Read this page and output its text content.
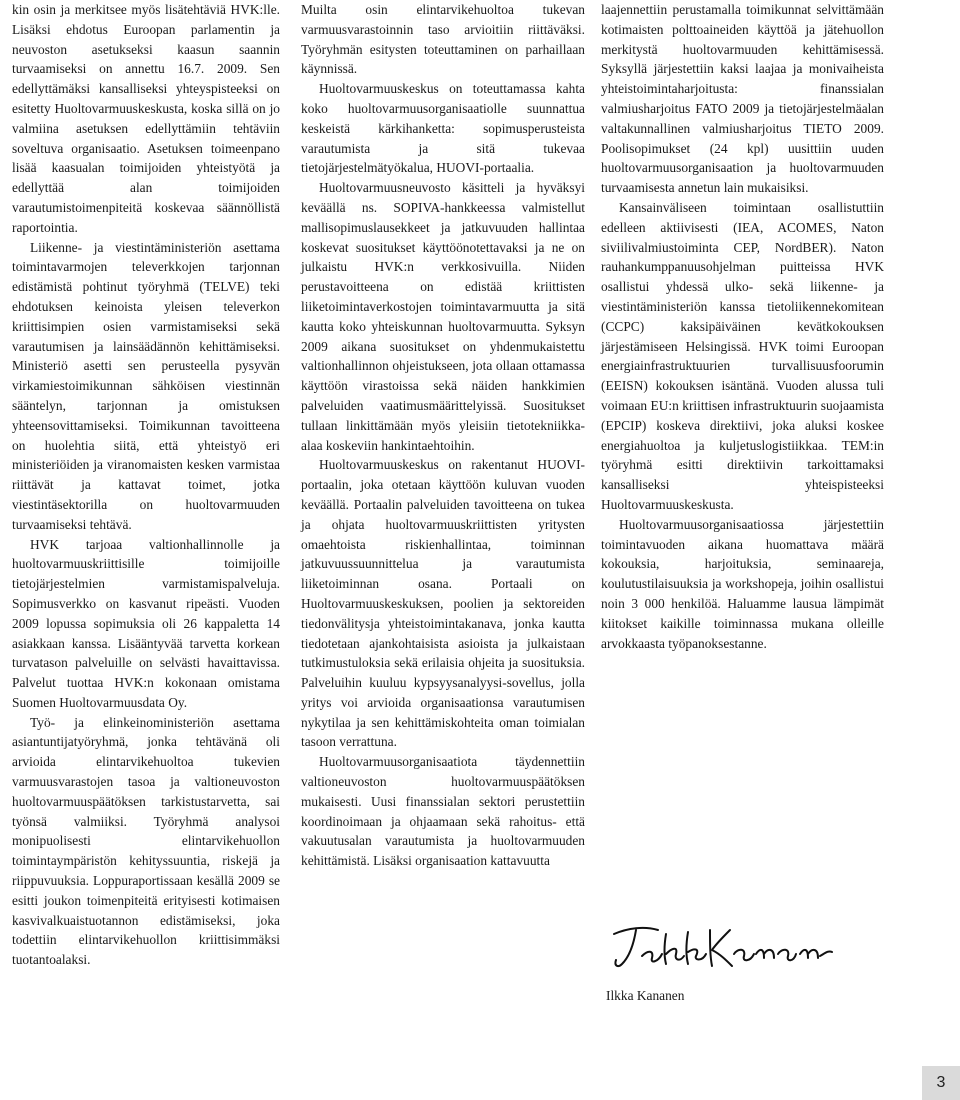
kin osin ja merkitsee myös lisätehtäviä HVK:lle. Lisäksi ehdotus Euroopan parlamentin ja neuvoston asetukseksi kaasun saannin turvaamiseksi on annettu 16.7. 2009. Sen edellyttämäksi kansalliseksi yhteyspisteeksi on esitetty Huoltovarmuuskeskusta, koska sillä on jo valmiina asetuksen edellyttämiin tehtäviin soveltuva organisaatio. Asetuksen toimeenpano lisää kaasualan toimijoiden yhteistyötä ja edellyttää alan toimijoiden varautumistoimenpiteitä koskevaa säännöllistä raportointia.

Liikenne- ja viestintäministeriön asettama toimintavarmojen televerkkojen tarjonnan edistämistä pohtinut työryhmä (TELVE) teki ehdotuksen keinoista yleisen televerkon kriittisimpien osien varmistamiseksi sekä varautumisen ja lainsäädännön kehittämiseksi. Ministeriö asetti sen perusteella pysyvän virkamiestoimikunnan sähköisen viestinnän sääntelyn, tarjonnan ja omistuksen yhteensovittamiseksi. Toimikunnan tavoitteena on huolehtia siitä, että yhteistyö eri ministeriöiden ja viranomaisten kesken varmistaa riittävät ja kattavat toimet, jotka viestintäsektorilla on huoltovarmuuden turvaamiseksi tehtävä.

HVK tarjoaa valtionhallinnolle ja huoltovarmuuskriittisille toimijoille tietojärjestelmien varmistamispalveluja. Sopimusverkko on kasvanut ripeästi. Vuoden 2009 lopussa sopimuksia oli 26 kappaletta 14 asiakkaan kanssa. Lisääntyvää tarvetta korkean turvatason palveluille on selvästi havaittavissa. Palvelut tuottaa HVK:n kokonaan omistama Suomen Huoltovarmuusdata Oy.

Työ- ja elinkeinoministeriön asettama asiantuntijatyöryhmä, jonka tehtävänä oli arvioida elintarvikehuoltoa tukevien varmuusvarastojen tasoa ja valtioneuvoston huoltovarmuuspäätöksen tarkistustarvetta, sai työnsä valmiiksi. Työryhmä analysoi monipuolisesti elintarvikehuollon toimintaympäristön kehityssuuntia, riskejä ja riippuvuuksia. Loppuraportissaan kesällä 2009 se esitti joukon toimenpiteitä erityisesti kotimaisen kasvivalkuaistuotannon edistämiseksi, joka todettiin elintarvikehuollon kriittisimmäksi tuotantoalaksi.

Muilta osin elintarvikehuoltoa tukevan varmuusvarastoinnin taso arvioitiin riittäväksi. Työryhmän esitysten toteuttaminen on parhaillaan käynnissä.

Huoltovarmuuskeskus on toteuttamassa kahta koko huoltovarmuusorganisaatiolle suunnattua keskeistä kärkihanketta: sopimusperusteista varautumista ja sitä tukevaa tietojärjestelmätyökalua, HUOVI-portaalia.

Huoltovarmuusneuvosto käsitteli ja hyväksyi keväällä ns. SOPIVA-hankkeessa valmistellut mallisopimuslausekkeet ja jatkuvuuden hallintaa koskevat suositukset käyttöönotettavaksi ja ne on julkaistu HVK:n verkkosivuilla. Niiden perustavoitteena on edistää kriittisten liiketoimintaverkostojen toimintavarmuutta ja sitä kautta koko yhteiskunnan huoltovarmuutta. Syksyn 2009 aikana suositukset on yhdenmukaistettu valtionhallinnon ohjeistukseen, jota ollaan ottamassa käyttöön virastoissa sekä näiden hankkimien palveluiden vaatimusmäärittelyissä. Suositukset tullaan linkittämään myös yleisiin tietotekniikka-alaa koskeviin hankintaehtoihin.

Huoltovarmuuskeskus on rakentanut HUOVI-portaalin, joka otetaan käyttöön kuluvan vuoden keväällä. Portaalin palveluiden tavoitteena on tukea ja ohjata huoltovarmuuskriittisten yritysten omaehtoista riskienhallintaa, toiminnan jatkuvuussuunnittelua ja varautumista liiketoiminnan osana. Portaali on Huoltovarmuuskeskuksen, poolien ja sektoreiden tiedonvälitysja yhteistoimintakanava, jonka kautta tiedotetaan ajankohtaisista asioista ja julkaistaan tutkimustuloksia sekä erilaisia ohjeita ja suosituksia. Palveluihin kuuluu kypsyysanalyysi-sovellus, jolla yritys voi arvioida organisaationsa varautumisen nykytilaa ja sen kehittämiskohteita oman toimialan tasoon verrattuna.

Huoltovarmuusorganisaatiota täydennettiin valtioneuvoston huoltovarmuuspäätöksen mukaisesti. Uusi finanssialan sektori perustettiin koordinoimaan ja ohjaamaan sekä rahoitus- että vakuutusalan varautumista ja huoltovarmuuden kehittämistä. Lisäksi organisaation kattavuutta

laajennettiin perustamalla toimikunnat selvittämään kotimaisten polttoaineiden käyttöä ja jätehuollon merkitystä huoltovarmuuden kehittämisessä. Syksyllä järjestettiin kaksi laajaa ja monivaiheista yhteistoimintaharjoitusta: finanssialan valmiusharjoitus FATO 2009 ja tietojärjestelmäalan valtakunnallinen valmiusharjoitus TIETO 2009. Poolisopimukset (24 kpl) uusittiin uuden huoltovarmuusorganisaation ja huoltovarmuuden turvaamisesta annetun lain mukaisiksi.

Kansainväliseen toimintaan osallistuttiin edelleen aktiivisesti (IEA, ACOMES, Naton siviilivalmiustoiminta CEP, NordBER). Naton rauhankumppanuusohjelman puitteissa HVK osallistui yhdessä ulko- sekä liikenne- ja viestintäministeriön kanssa tietoliikennekomitean (CCPC) kaksipäiväinen kevätkokouksen järjestämiseen Helsingissä. HVK toimi Euroopan energiainfrastruktuurien turvallisuusfoorumin (EEISN) kokouksen isäntänä. Vuoden alussa tuli voimaan EU:n kriittisen infrastruktuurin suojaamista (EPCIP) koskeva direktiivi, joka aluksi koskee energiahuoltoa ja kuljetuslogistiikkaa. TEM:in työryhmä esitti direktiivin tarkoittamaksi kansalliseksi yhteispisteeksi Huoltovarmuuskeskusta.

Huoltovarmuusorganisaatiossa järjestettiin toimintavuoden aikana huomattava määrä kokouksia, harjoituksia, seminaareja, koulutustilaisuuksia ja workshopeja, joihin osallistui noin 3 000 henkilöä. Haluamme lausua lämpimät kiitokset kaikille toiminnassa mukana olleille arvokkaasta työpanoksestanne.

Ilkka Kananen
3
